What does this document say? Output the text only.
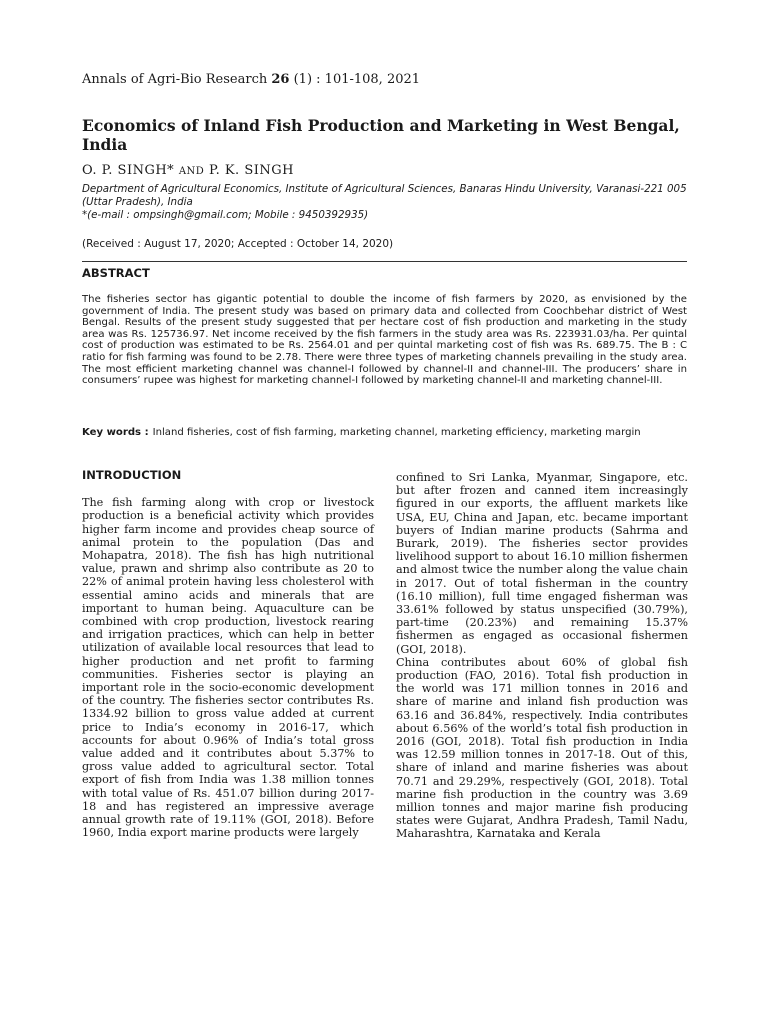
Annals of Agri-Bio Research 26 (1) : 101-108, 2021
Economics of Inland Fish Production and Marketing in West Bengal, India
O. P. SINGH* AND P. K. SINGH
Department of Agricultural Economics, Institute of Agricultural Sciences, Banaras Hindu University, Varanasi-221 005 (Uttar Pradesh), India
*(e-mail : ompsingh@gmail.com; Mobile : 9450392935)
(Received : August 17, 2020; Accepted : October 14, 2020)
ABSTRACT
The fisheries sector has gigantic potential to double the income of fish farmers by 2020, as envisioned by the government of India. The present study was based on primary data and collected from Coochbehar district of West Bengal. Results of the present study suggested that per hectare cost of fish production and marketing in the study area was Rs. 125736.97. Net income received by the fish farmers in the study area was Rs. 223931.03/ha. Per quintal cost of production was estimated to be Rs. 2564.01 and per quintal marketing cost of fish was Rs. 689.75. The B : C ratio for fish farming was found to be 2.78. There were three types of marketing channels prevailing in the study area. The most efficient marketing channel was channel-I followed by channel-II and channel-III. The producers’ share in consumers’ rupee was highest for marketing channel-I followed by marketing channel-II and marketing channel-III.
Key words : Inland fisheries, cost of fish farming, marketing channel, marketing efficiency, marketing margin
INTRODUCTION

The fish farming along with crop or livestock production is a beneficial activity which provides higher farm income and provides cheap source of animal protein to the population (Das and Mohapatra, 2018). The fish has high nutritional value, prawn and shrimp also contribute as 20 to 22% of animal protein having less cholesterol with essential amino acids and minerals that are important to human being. Aquaculture can be combined with crop production, livestock rearing and irrigation practices, which can help in better utilization of available local resources that lead to higher production and net profit to farming communities. Fisheries sector is playing an important role in the socio-economic development of the country. The fisheries sector contributes Rs. 1334.92 billion to gross value added at current price to India’s economy in 2016-17, which accounts for about 0.96% of India’s total gross value added and it contributes about 5.37% to gross value added to agricultural sector. Total export of fish from India was 1.38 million tonnes with total value of Rs. 451.07 billion during 2017-18 and has registered an impressive average annual growth rate of 19.11% (GOI, 2018). Before 1960, India export marine products were largely

confined to Sri Lanka, Myanmar, Singapore, etc. but after frozen and canned item increasingly figured in our exports, the affluent markets like USA, EU, China and Japan, etc. became important buyers of Indian marine products (Sahrma and Burark, 2019). The fisheries sector provides livelihood support to about 16.10 million fishermen and almost twice the number along the value chain in 2017. Out of total fisherman in the country (16.10 million), full time engaged fisherman was 33.61% followed by status unspecified (30.79%), part-time (20.23%) and remaining 15.37% fishermen as engaged as occasional fishermen (GOI, 2018).

China contributes about 60% of global fish production (FAO, 2016). Total fish production in the world was 171 million tonnes in 2016 and share of marine and inland fish production was 63.16 and 36.84%, respectively. India contributes about 6.56% of the world’s total fish production in 2016 (GOI, 2018). Total fish production in India was 12.59 million tonnes in 2017-18. Out of this, share of inland and marine fisheries was about 70.71 and 29.29%, respectively (GOI, 2018). Total marine fish production in the country was 3.69 million tonnes and major marine fish producing states were Gujarat, Andhra Pradesh, Tamil Nadu, Maharashtra, Karnataka and Kerala
